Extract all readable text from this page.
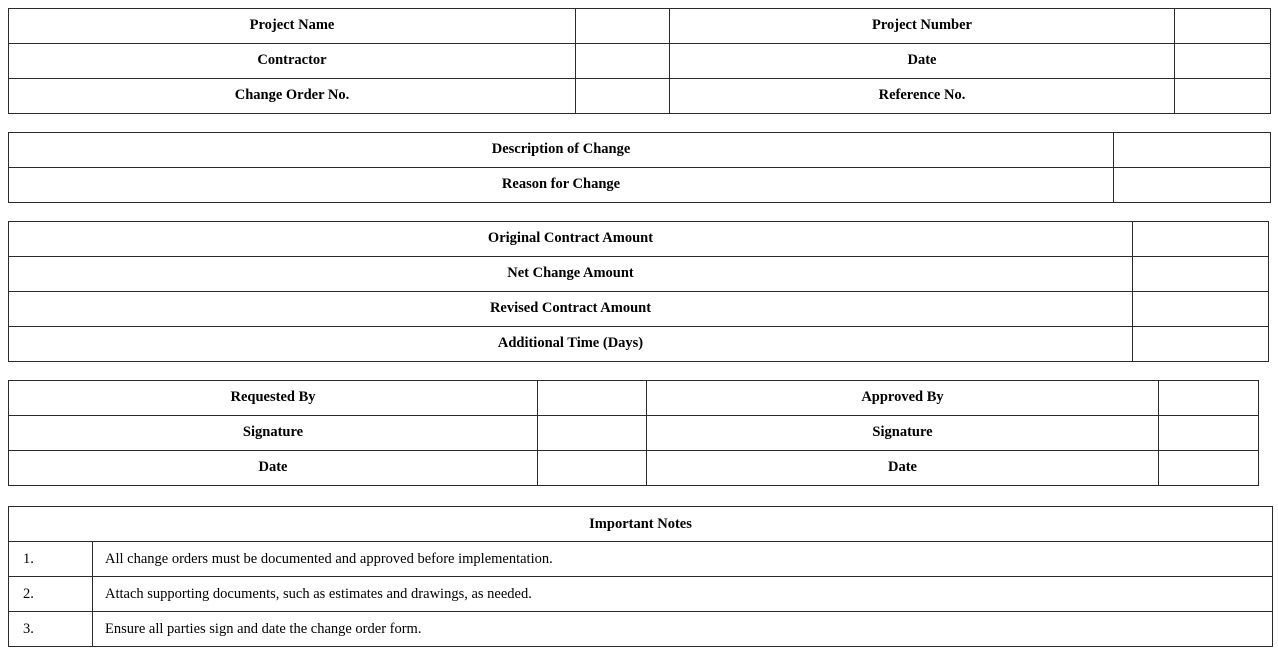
Project Name		Project Number	
Contractor		Date	
Change Order No.		Reference No.	
Description of Change	
Reason for Change	
Original Contract Amount	
Net Change Amount	
Revised Contract Amount	
Additional Time (Days)	
Requested By		Approved By	
Signature		Signature	
Date		Date	
Important Notes	
1.	All change orders must be documented and approved before implementation.
2.	Attach supporting documents, such as estimates and drawings, as needed.
3.	Ensure all parties sign and date the change order form.
